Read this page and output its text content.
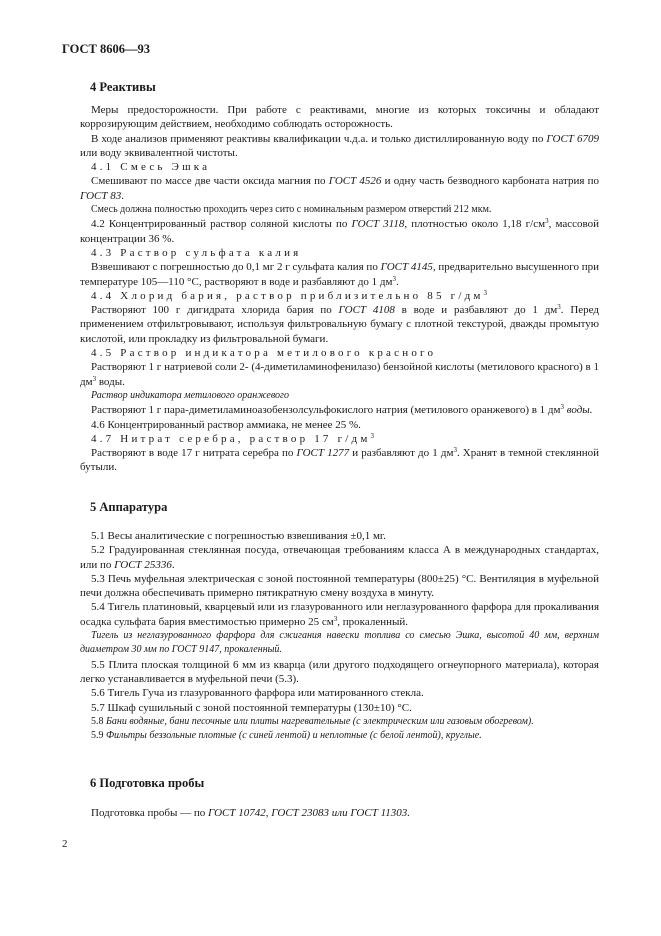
ГОСТ 8606—93
4 Реактивы

Меры предосторожности. При работе с реактивами, многие из которых токсичны и обладают коррозирующим действием, необходимо соблюдать осторожность.

В ходе анализов применяют реактивы квалификации ч.д.а. и только дистиллированную воду по ГОСТ 6709 или воду эквивалентной чистоты.

4.1 Смесь Эшка

Смешивают по массе две части оксида магния по ГОСТ 4526 и одну часть безводного карбоната натрия по ГОСТ 83.

Смесь должна полностью проходить через сито с номинальным размером отверстий 212 мкм.

4.2 Концентрированный раствор соляной кислоты по ГОСТ 3118, плотностью около 1,18 $г/см^3$, массовой концентрации 36 %.

4.3 Раствор сульфата калия

Взвешивают с погрешностью до 0,1 мг 2 г сульфата калия по ГОСТ 4145, предварительно высушенного при температуре 105—110 °С, растворяют в воде и разбавляют до 1 $дм^3$.

4.4 Хлорид бария, раствор приблизительно 85 $г/дм^3$

Растворяют 100 г дигидрата хлорида бария по ГОСТ 4108 в воде и разбавляют до 1 $дм^3$. Перед применением отфильтровывают, используя фильтровальную бумагу с плотной текстурой, дважды промытую кислотой, или прокладку из фильтровальной бумаги.

4.5 Раствор индикатора метилового красного

Растворяют 1 г натриевой соли 2- (4-диметиламинофенилазо) бензойной кислоты (метилового красного) в 1 $дм^3$ воды.

Раствор индикатора метилового оранжевого

Растворяют 1 г пара-диметиламиноазобензолсульфокислого натрия (метилового оранжевого) в 1 $дм^3$ воды.

4.6 Концентрированный раствор аммиака, не менее 25 %.

4.7 Нитрат серебра, раствор 17 $г/дм^3$

Растворяют в воде 17 г нитрата серебра по ГОСТ 1277 и разбавляют до 1 $дм^3$. Хранят в темной стеклянной бутыли.

5 Аппаратура

5.1 Весы аналитические с погрешностью взвешивания ±0,1 мг.

5.2 Градуированная стеклянная посуда, отвечающая требованиям класса А в международных стандартах, или по ГОСТ 25336.

5.3 Печь муфельная электрическая с зоной постоянной температуры (800±25) °С. Вентиляция в муфельной печи должна обеспечивать примерно пятикратную смену воздуха в минуту.

5.4 Тигель платиновый, кварцевый или из глазурованного или неглазурованного фарфора для прокаливания осадка сульфата бария вместимостью примерно 25 $см^3$, прокаленный.

Тигель из неглазурованного фарфора для сжигания навески топлива со смесью Эшка, высотой 40 мм, верхним диаметром 30 мм по ГОСТ 9147, прокаленный.

5.5 Плита плоская толщиной 6 мм из кварца (или другого подходящего огнеупорного материала), которая легко устанавливается в муфельной печи (5.3).

5.6 Тигель Гуча из глазурованного фарфора или матированного стекла.

5.7 Шкаф сушильный с зоной постоянной температуры (130±10) °С.

5.8 Бани водяные, бани песочные или плиты нагревательные (с электрическим или газовым обогревом).

5.9 Фильтры беззольные плотные (с синей лентой) и неплотные (с белой лентой), круглые.

6 Подготовка пробы

Подготовка пробы — по ГОСТ 10742, ГОСТ 23083 или ГОСТ 11303.

2
